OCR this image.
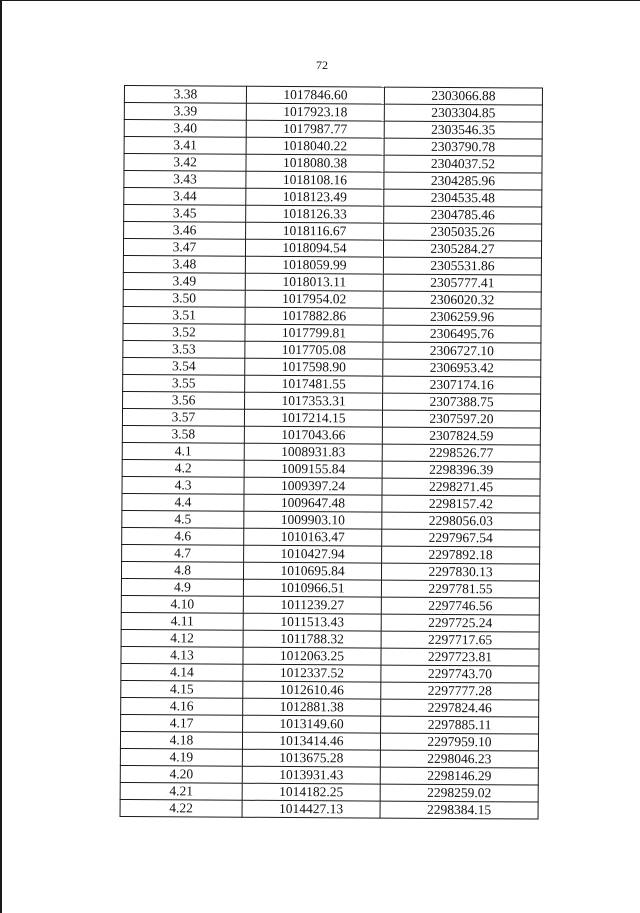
72
3.38	1017846.60	2303066.88
3.39	1017923.18	2303304.85
3.40	1017987.77	2303546.35
3.41	1018040.22	2303790.78
3.42	1018080.38	2304037.52
3.43	1018108.16	2304285.96
3.44	1018123.49	2304535.48
3.45	1018126.33	2304785.46
3.46	1018116.67	2305035.26
3.47	1018094.54	2305284.27
3.48	1018059.99	2305531.86
3.49	1018013.11	2305777.41
3.50	1017954.02	2306020.32
3.51	1017882.86	2306259.96
3.52	1017799.81	2306495.76
3.53	1017705.08	2306727.10
3.54	1017598.90	2306953.42
3.55	1017481.55	2307174.16
3.56	1017353.31	2307388.75
3.57	1017214.15	2307597.20
3.58	1017043.66	2307824.59
4.1	1008931.83	2298526.77
4.2	1009155.84	2298396.39
4.3	1009397.24	2298271.45
4.4	1009647.48	2298157.42
4.5	1009903.10	2298056.03
4.6	1010163.47	2297967.54
4.7	1010427.94	2297892.18
4.8	1010695.84	2297830.13
4.9	1010966.51	2297781.55
4.10	1011239.27	2297746.56
4.11	1011513.43	2297725.24
4.12	1011788.32	2297717.65
4.13	1012063.25	2297723.81
4.14	1012337.52	2297743.70
4.15	1012610.46	2297777.28
4.16	1012881.38	2297824.46
4.17	1013149.60	2297885.11
4.18	1013414.46	2297959.10
4.19	1013675.28	2298046.23
4.20	1013931.43	2298146.29
4.21	1014182.25	2298259.02
4.22	1014427.13	2298384.15
